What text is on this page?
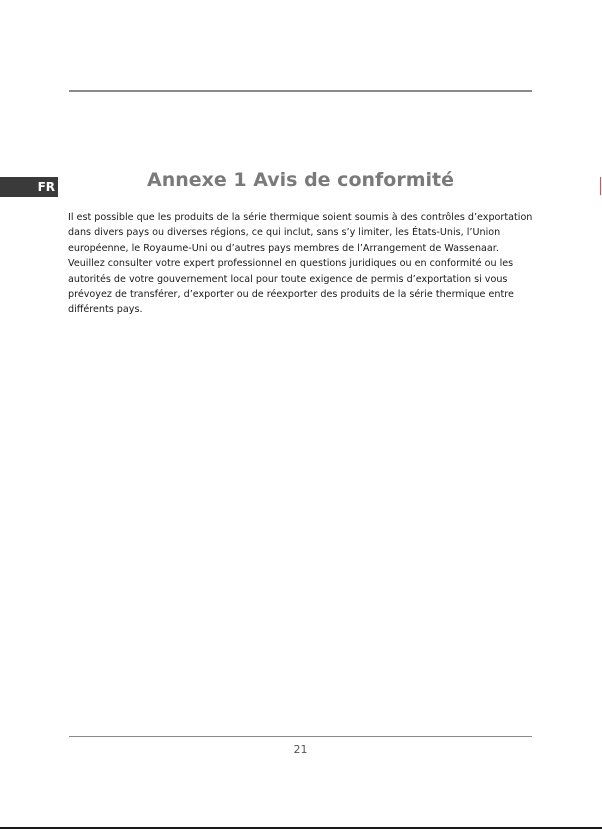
FR	Annexe 1 Avis de conformité

Il est possible que les produits de la série thermique soient soumis à des contrôles d’exportation dans divers pays ou diverses régions, ce qui inclut, sans s’y limiter, les États-Unis, l’Union européenne, le Royaume-Uni ou d’autres pays membres de l’Arrangement de Wassenaar. Veuillez consulter votre expert professionnel en questions juridiques ou en conformité ou les autorités de votre gouvernement local pour toute exigence de permis d’exportation si vous prévoyez de transférer, d’exporter ou de réexporter des produits de la série thermique entre différents pays.

21
